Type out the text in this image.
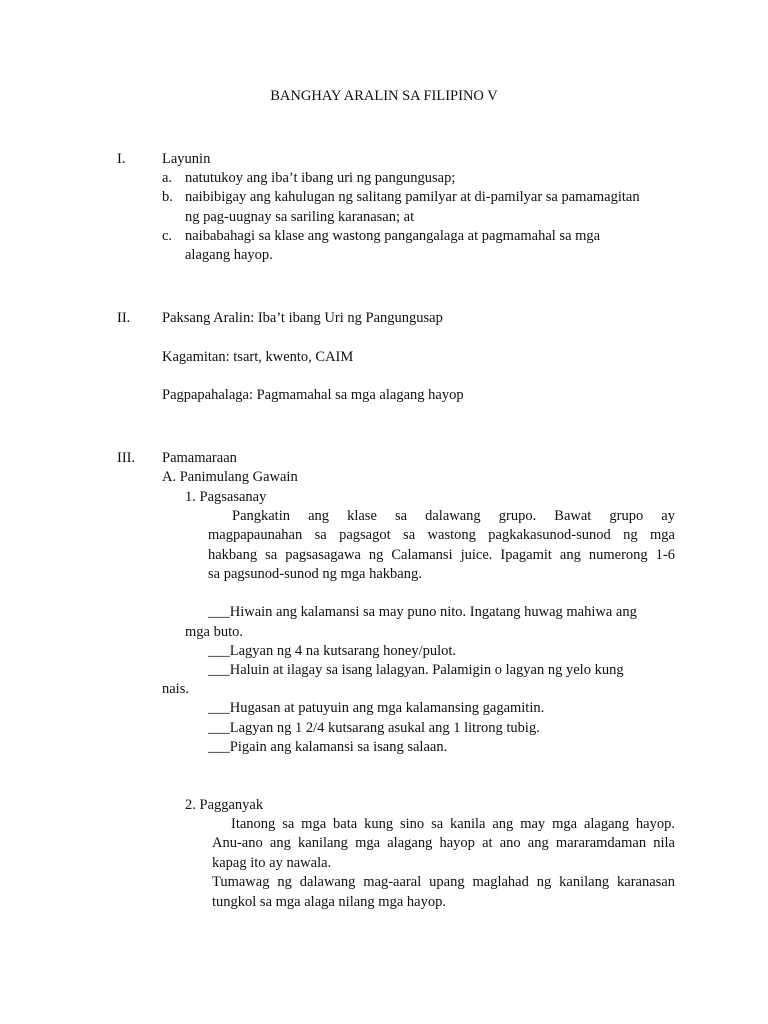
BANGHAY ARALIN SA FILIPINO V
I.	Layunin
a. natutukoy ang iba’t ibang uri ng pangungusap;
b. naibibigay ang kahulugan ng salitang pamilyar at di-pamilyar sa pamamagitan
ng pag-uugnay sa sariling karanasan; at
c. naibabahagi sa klase ang wastong pangangalaga at pagmamahal sa mga
alagang hayop.
II. Paksang Aralin: Iba’t ibang Uri ng Pangungusap
Kagamitan: tsart, kwento, CAIM
Pagpapahalaga: Pagmamahal sa mga alagang hayop
III. Pamamaraan
A. Panimulang Gawain
1. Pagsasanay
Pangkatin ang klase sa dalawang grupo. Bawat grupo ay
magpapaunahan sa pagsagot sa wastong pagkakasunod-sunod ng mga
hakbang sa pagsasagawa ng Calamansi juice. Ipagamit ang numerong 1-6
sa pagsunod-sunod ng mga hakbang.
___Hiwain ang kalamansi sa may puno nito. Ingatang huwag mahiwa ang
mga buto.
___Lagyan ng 4 na kutsarang honey/pulot.
___Haluin at ilagay sa isang lalagyan. Palamigin o lagyan ng yelo kung
nais.
___Hugasan at patuyuin ang mga kalamansing gagamitin.
___Lagyan ng 1 2/4 kutsarang asukal ang 1 litrong tubig.
___Pigain ang kalamansi sa isang salaan.
2. Pagganyak
Itanong sa mga bata kung sino sa kanila ang may mga alagang hayop.
Anu-ano ang kanilang mga alagang hayop at ano ang mararamdaman nila
kapag ito ay nawala.
Tumawag ng dalawang mag-aaral upang maglahad ng kanilang karanasan
tungkol sa mga alaga nilang mga hayop.
